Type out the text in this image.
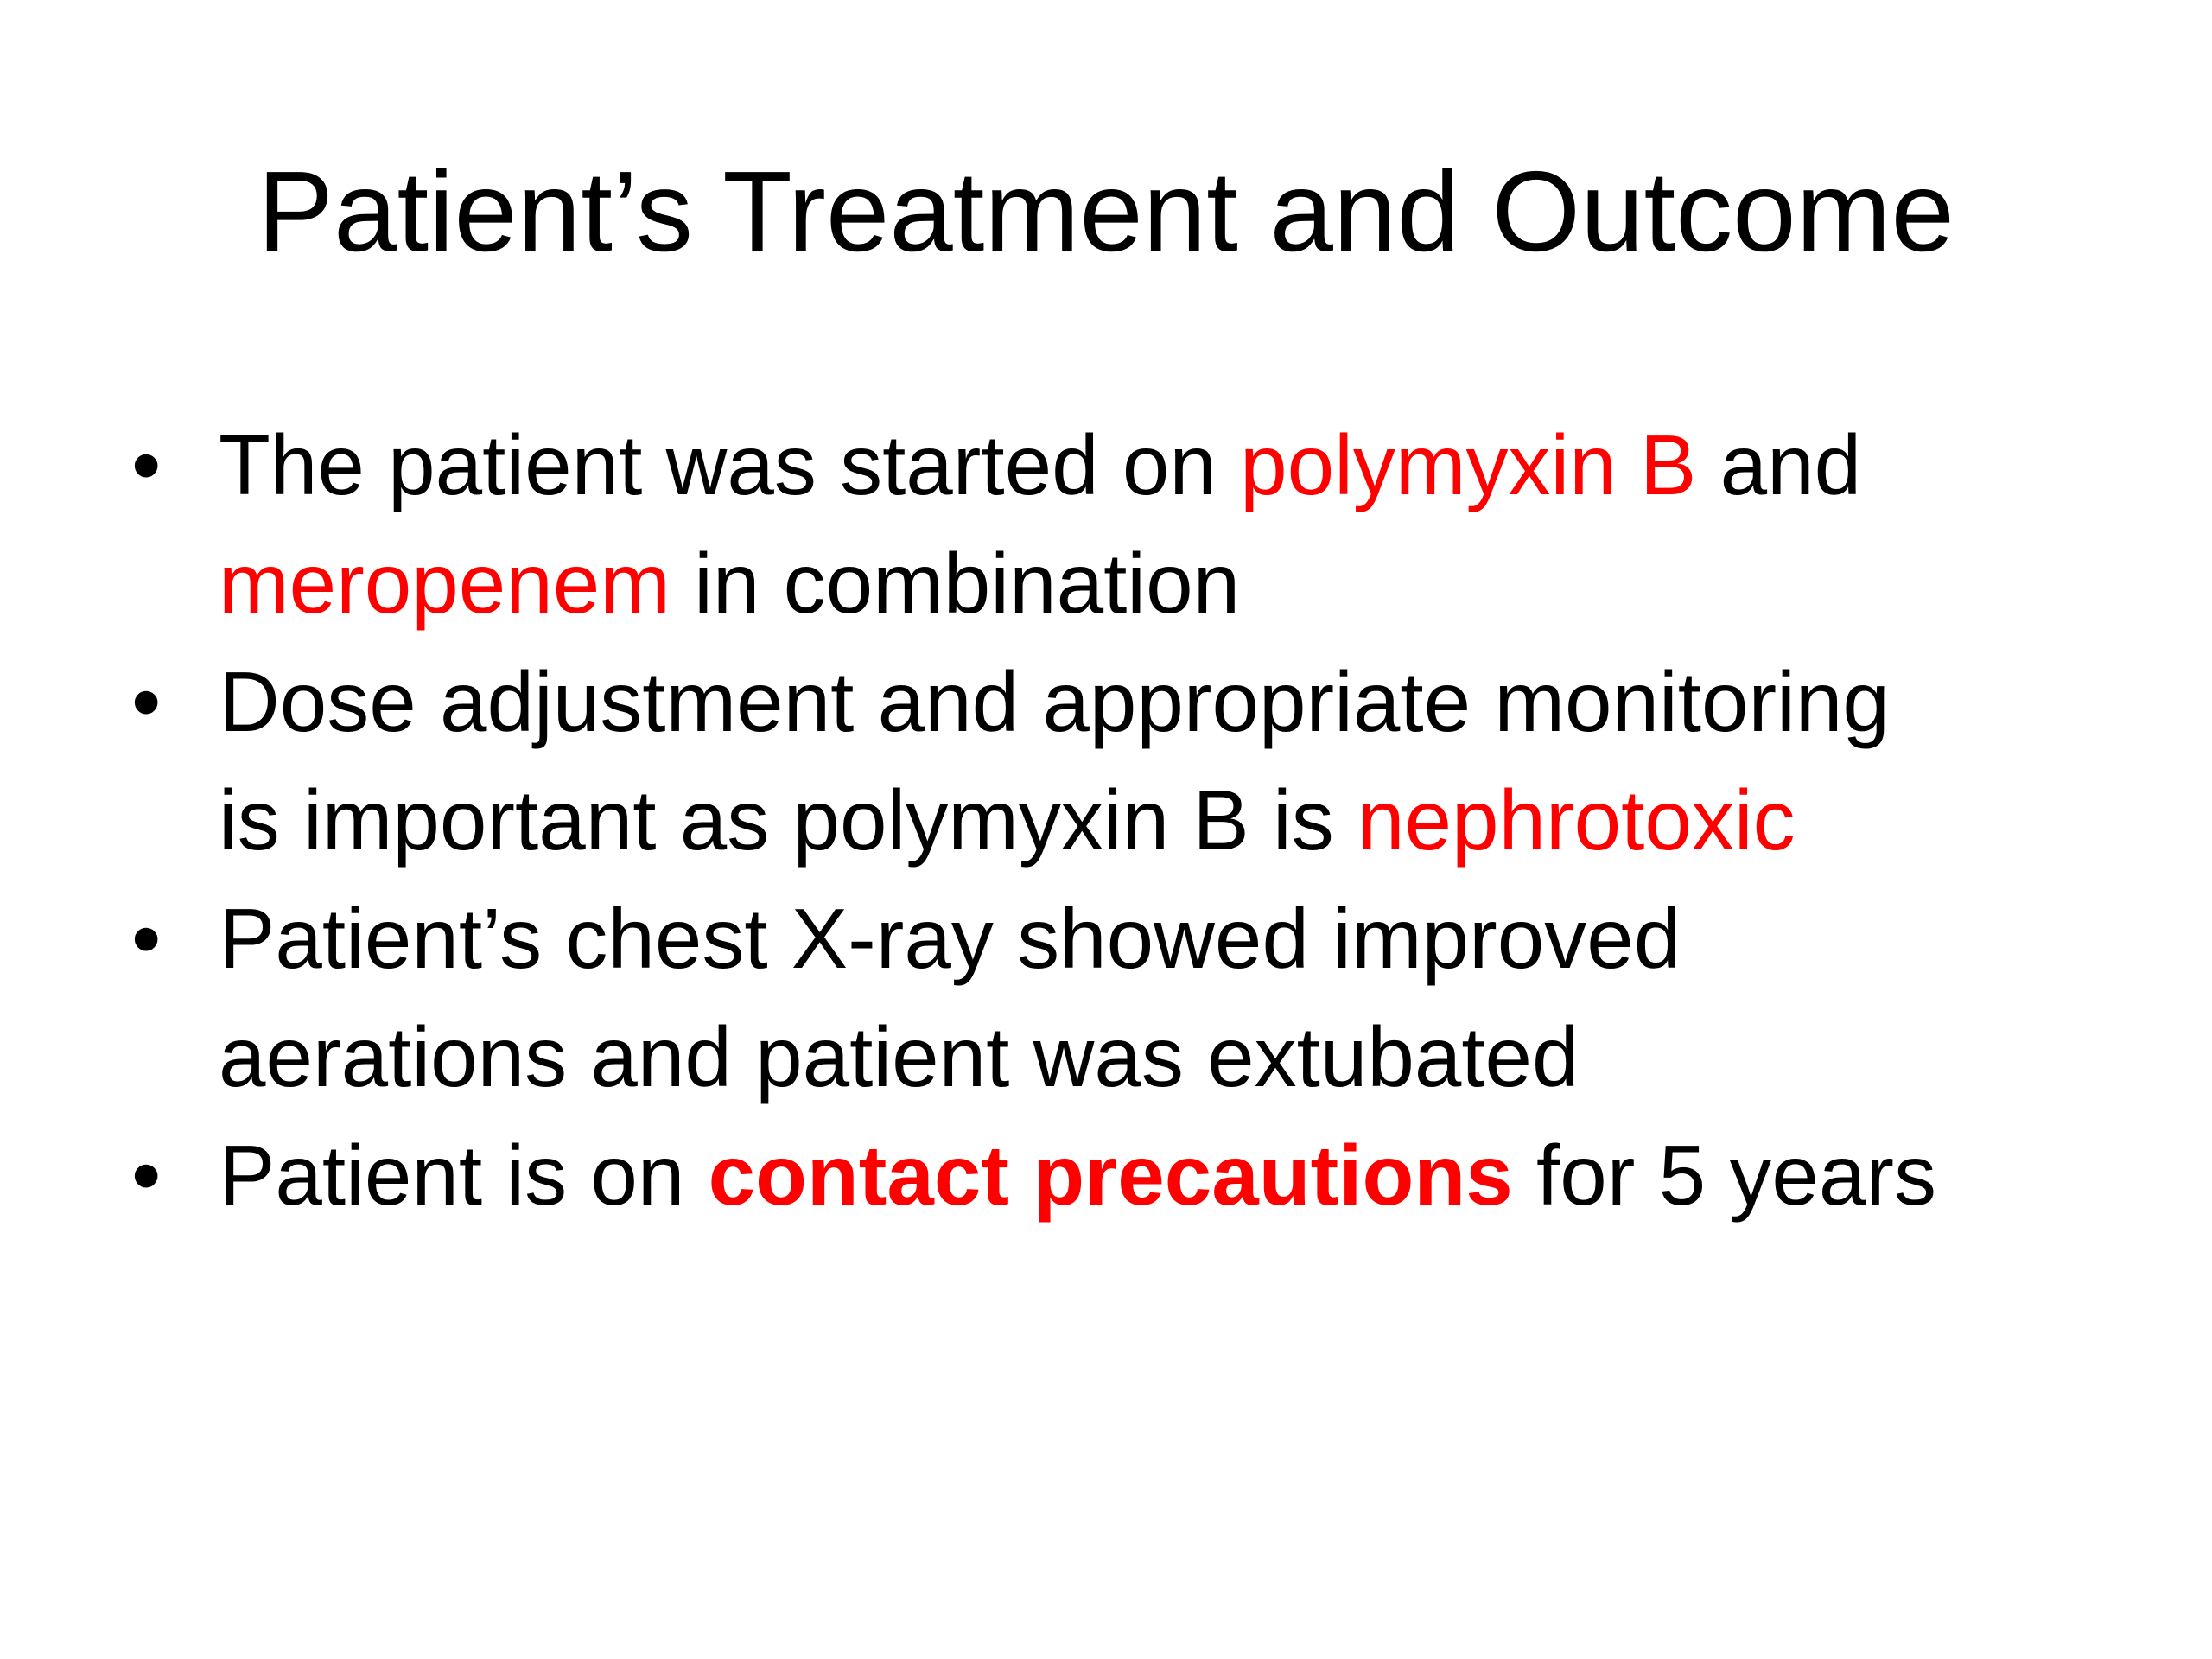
Patient’s Treatment and Outcome
• The patient was started on polymyxin B and
meropenem in combination
• Dose adjustment and appropriate monitoring
is important as polymyxin B is nephrotoxic
• Patient’s chest X-ray showed improved
aerations and patient was extubated
• Patient is on contact precautions for 5 years
